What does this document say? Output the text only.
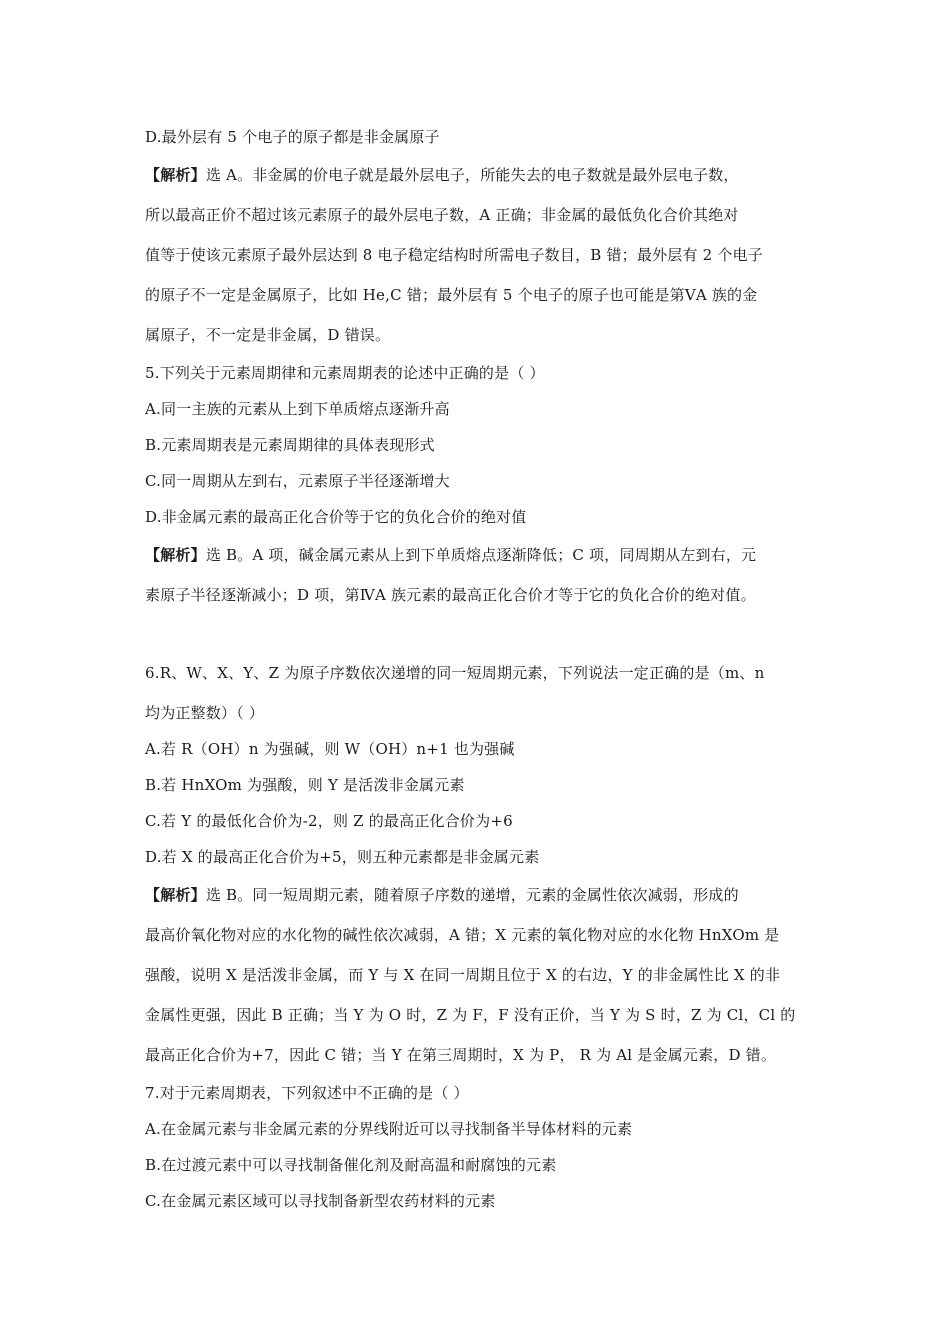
D.最外层有 5 个电子的原子都是非金属原子
【解析】选 A。非金属的价电子就是最外层电子，所能失去的电子数就是最外层电子数，
所以最高正价不超过该元素原子的最外层电子数，A 正确；非金属的最低负化合价其绝对
值等于使该元素原子最外层达到 8 电子稳定结构时所需电子数目，B 错；最外层有 2 个电子
的原子不一定是金属原子，比如 He,C 错；最外层有 5 个电子的原子也可能是第ⅤA 族的金
属原子，不一定是非金属，D 错误。
5.下列关于元素周期律和元素周期表的论述中正确的是（ ）
A.同一主族的元素从上到下单质熔点逐渐升高
B.元素周期表是元素周期律的具体表现形式
C.同一周期从左到右，元素原子半径逐渐增大
D.非金属元素的最高正化合价等于它的负化合价的绝对值
【解析】选 B。A 项，碱金属元素从上到下单质熔点逐渐降低；C 项，同周期从左到右，元
素原子半径逐渐减小；D 项，第ⅣA 族元素的最高正化合价才等于它的负化合价的绝对值。
6.R、W、X、Y、Z 为原子序数依次递增的同一短周期元素，下列说法一定正确的是（m、n
均为正整数）（ ）
A.若 R（OH）n 为强碱，则 W（OH）n+1 也为强碱
B.若 HnXOm 为强酸，则 Y 是活泼非金属元素
C.若 Y 的最低化合价为-2，则 Z 的最高正化合价为+6
D.若 X 的最高正化合价为+5，则五种元素都是非金属元素
【解析】选 B。同一短周期元素，随着原子序数的递增，元素的金属性依次减弱，形成的
最高价氧化物对应的水化物的碱性依次减弱，A 错；X 元素的氧化物对应的水化物 HnXOm 是
强酸，说明 X 是活泼非金属，而 Y 与 X 在同一周期且位于 X 的右边，Y 的非金属性比 X 的非
金属性更强，因此 B 正确；当 Y 为 O 时，Z 为 F，F 没有正价，当 Y 为 S 时，Z 为 Cl，Cl 的
最高正化合价为+7，因此 C 错；当 Y 在第三周期时，X 为 P， R 为 Al 是金属元素，D 错。
7.对于元素周期表，下列叙述中不正确的是（ ）
A.在金属元素与非金属元素的分界线附近可以寻找制备半导体材料的元素
B.在过渡元素中可以寻找制备催化剂及耐高温和耐腐蚀的元素
C.在金属元素区域可以寻找制备新型农药材料的元素
